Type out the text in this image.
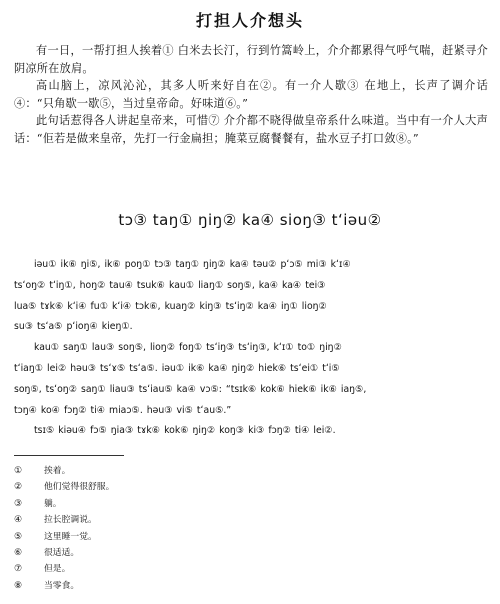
打担人介想头

有一日，一帮打担人挨着① 白米去长汀，行到竹篙岭上，介介都累得气呼气喘，赶紧寻介阴凉所在放肩。

高山脑上，凉风沁沁，其多人听来好自在②。有一介人歇③ 在地上，长声了调介话④：“只角歇一歇⑤，当过皇帝命。好味道⑥。”

此句话惹得各人讲起皇帝来，可惜⑦ 介介都不晓得做皇帝系什么味道。当中有一介人大声话：“佢若是做来皇帝，先打一行金扁担；腌菜豆腐餐餐有，盐水豆子打口敛⑧。”

tɔ③ taŋ① ŋiŋ② ka④ sioŋ③ tʻiəu②
iəu① ik⑥ ŋi⑤, ik⑥ poŋ① tɔ③ taŋ① ŋiŋ② ka④ təu② pʻɔ⑤ mi③ kʻɪ④
tsʻoŋ② tʻiŋ①, hoŋ② tau④ tsuk⑥ kau① liaŋ① soŋ⑤, ka④ ka④ tei③
lua⑤ tɤk⑥ kʻi④ fu① kʻi④ tɔk⑥, kuaŋ② kiŋ③ tsʻiŋ② ka④ iŋ① lioŋ②
su③ tsʻa⑤ pʻioŋ④ kieŋ①.
kau① saŋ① lau③ soŋ⑤, lioŋ② foŋ① tsʻiŋ③ tsʻiŋ③, kʻɪ① to① ŋiŋ②
tʻiaŋ① lei② həu③ tsʻɤ⑤ tsʻa⑤. iəu① ik⑥ ka④ ŋiŋ② hiek⑥ tsʻei① tʻi⑤
soŋ⑤, tsʻoŋ② saŋ① liau③ tsʻiau⑤ ka④ vɔ⑤: “tsɪk⑥ kok⑥ hiek⑥ ik⑥ iaŋ⑤,
tɔŋ④ ko④ fɔŋ② ti④ miaɔ⑤. həu③ vi⑤ tʻau⑤.”
tsɪ⑤ kiəu④ fɔ⑤ ŋia③ tɤk⑥ kok⑥ ŋiŋ② koŋ③ ki③ fɔŋ② ti④ lei②.
①	挨着。
②	他们觉得很舒服。
③	躺。
④	拉长腔调说。
⑤	这里睡一觉。
⑥	很适适。
⑦	但是。
⑧	当零食。
